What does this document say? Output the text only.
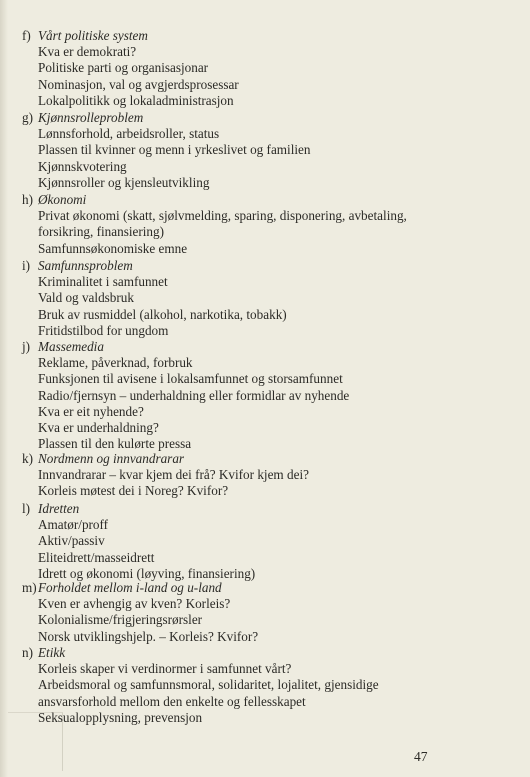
f) Vårt politiske system
Kva er demokrati?
Politiske parti og organisasjonar
Nominasjon, val og avgjerdsprosessar
Lokalpolitikk og lokaladministrasjon
g) Kjønnsrolleproblem
Lønnsforhold, arbeidsroller, status
Plassen til kvinner og menn i yrkeslivet og familien
Kjønnskvotering
Kjønnsroller og kjensleutvikling
h) Økonomi
Privat økonomi (skatt, sjølvmelding, sparing, disponering, avbetaling,
forsikring, finansiering)
Samfunnsøkonomiske emne
i) Samfunnsproblem
Kriminalitet i samfunnet
Vald og valdsbruk
Bruk av rusmiddel (alkohol, narkotika, tobakk)
Fritidstilbod for ungdom
j) Massemedia
Reklame, påverknad, forbruk
Funksjonen til avisene i lokalsamfunnet og storsamfunnet
Radio/fjernsyn – underhaldning eller formidlar av nyhende
Kva er eit nyhende?
Kva er underhaldning?
Plassen til den kulørte pressa
k) Nordmenn og innvandrarar
Innvandrarar – kvar kjem dei frå? Kvifor kjem dei?
Korleis møtest dei i Noreg? Kvifor?
l) Idretten
Amatør/proff
Aktiv/passiv
Eliteidrett/masseidrett
Idrett og økonomi (løyving, finansiering)
m)Forholdet mellom i-land og u-land
Kven er avhengig av kven? Korleis?
Kolonialisme/frigjeringsrørsler
Norsk utviklingshjelp. – Korleis? Kvifor?
n) Etikk
Korleis skaper vi verdinormer i samfunnet vårt?
Arbeidsmoral og samfunnsmoral, solidaritet, lojalitet, gjensidige
ansvarsforhold mellom den enkelte og fellesskapet
Seksualopplysning, prevensjon
47
